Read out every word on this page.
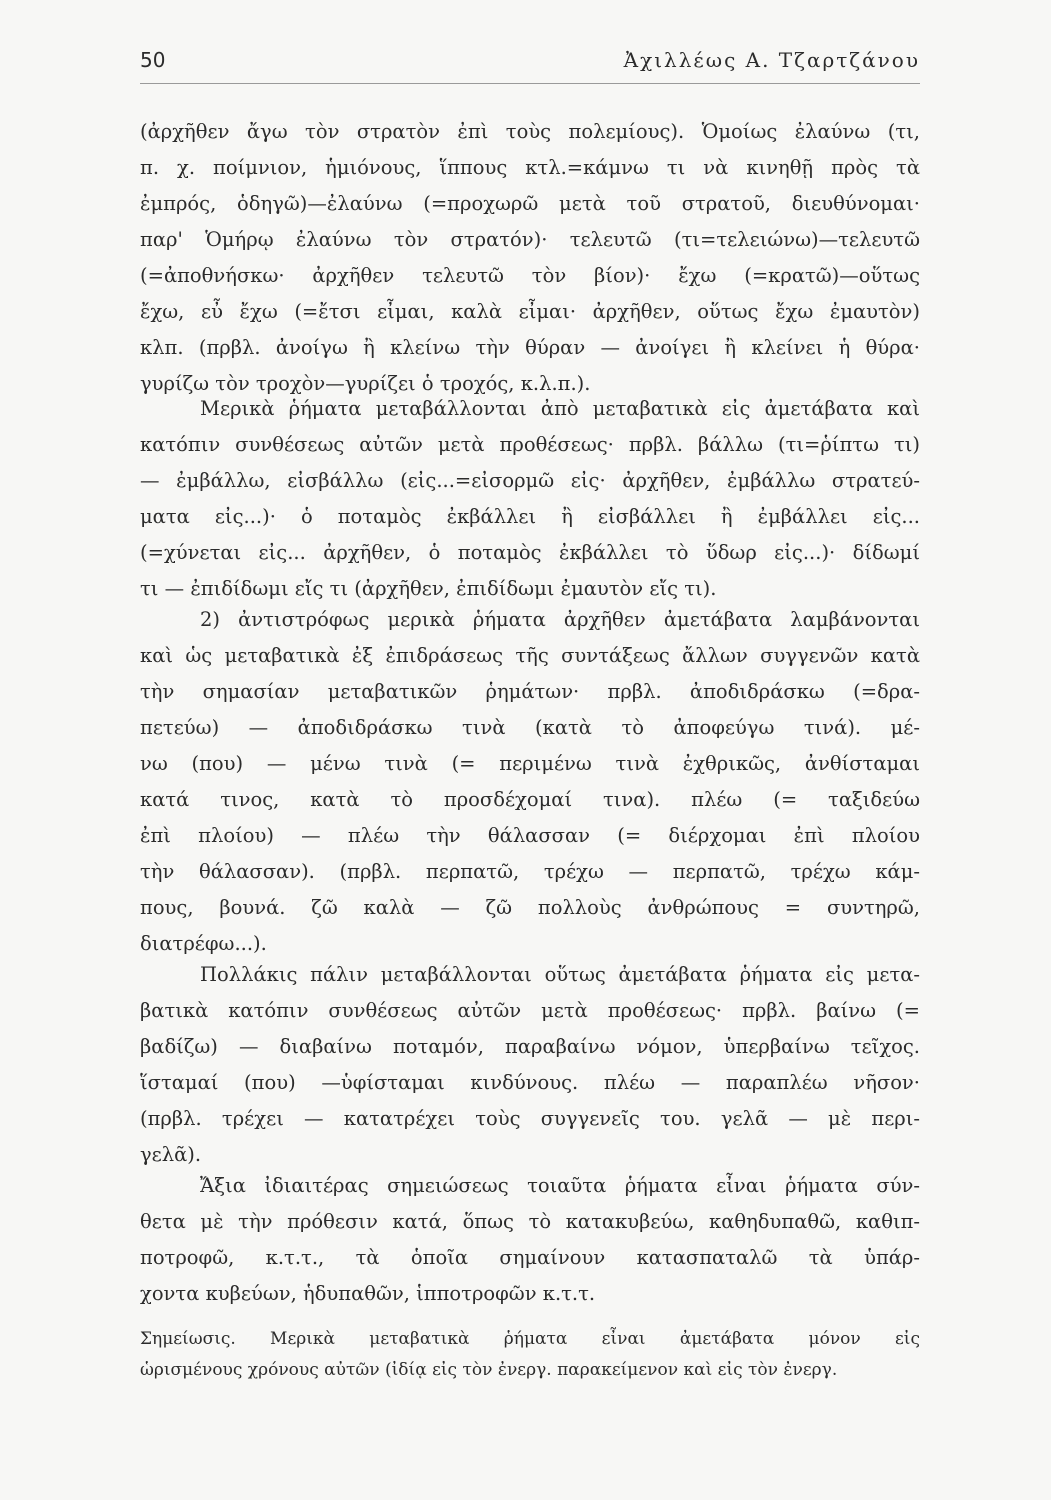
50	Ἀχιλλέως Α. Τζαρτζάνου
(ἀρχῆθεν ἄγω τὸν στρατὸν ἐπὶ τοὺς πολεμίους). Ὁμοίως ἐλαύνω (τι,
π. χ. ποίμνιον, ἡμιόνους, ἵππους κτλ.=κάμνω τι νὰ κινηθῇ πρὸς τὰ
ἐμπρός, ὁδηγῶ)—ἐλαύνω (=προχωρῶ μετὰ τοῦ στρατοῦ, διευθύνομαι·
παρ' Ὁμήρῳ ἐλαύνω τὸν στρατόν)· τελευτῶ (τι=τελειώνω)—τελευτῶ
(=ἀποθνήσκω· ἀρχῆθεν τελευτῶ τὸν βίον)· ἔχω (=κρατῶ)—οὕτως
ἔχω, εὖ ἔχω (=ἔτσι εἶμαι, καλὰ εἶμαι· ἀρχῆθεν, οὕτως ἔχω ἐμαυτὸν)
κλπ. (πρβλ. ἀνοίγω ἢ κλείνω τὴν θύραν — ἀνοίγει ἢ κλείνει ἡ θύρα·
γυρίζω τὸν τροχὸν—γυρίζει ὁ τροχός, κ.λ.π.).
Μερικὰ ῥήματα μεταβάλλονται ἀπὸ μεταβατικὰ εἰς ἀμετάβατα καὶ
κατόπιν συνθέσεως αὐτῶν μετὰ προθέσεως· πρβλ. βάλλω (τι=ῥίπτω τι)
— ἐμβάλλω, εἰσβάλλω (εἰς...=εἰσορμῶ εἰς· ἀρχῆθεν, ἐμβάλλω στρατεύ-
ματα εἰς...)· ὁ ποταμὸς ἐκβάλλει ἢ εἰσβάλλει ἢ ἐμβάλλει εἰς...
(=χύνεται εἰς... ἀρχῆθεν, ὁ ποταμὸς ἐκβάλλει τὸ ὕδωρ εἰς...)· δίδωμί
τι — ἐπιδίδωμι εἴς τι (ἀρχῆθεν, ἐπιδίδωμι ἐμαυτὸν εἴς τι).
2) ἀντιστρόφως μερικὰ ῥήματα ἀρχῆθεν ἀμετάβατα λαμβάνονται
καὶ ὡς μεταβατικὰ ἐξ ἐπιδράσεως τῆς συντάξεως ἄλλων συγγενῶν κατὰ
τὴν σημασίαν μεταβατικῶν ῥημάτων· πρβλ. ἀποδιδράσκω (=δρα-
πετεύω) — ἀποδιδράσκω τινὰ (κατὰ τὸ ἀποφεύγω τινά). μέ-
νω (που) — μένω τινὰ (= περιμένω τινὰ ἐχθρικῶς, ἀνθίσταμαι
κατά τινος, κατὰ τὸ προσδέχομαί τινα). πλέω (= ταξιδεύω
ἐπὶ πλοίου) — πλέω τὴν θάλασσαν (= διέρχομαι ἐπὶ πλοίου
τὴν θάλασσαν). (πρβλ. περπατῶ, τρέχω — περπατῶ, τρέχω κάμ-
πους, βουνά. ζῶ καλὰ — ζῶ πολλοὺς ἀνθρώπους = συντηρῶ,
διατρέφω...).
Πολλάκις πάλιν μεταβάλλονται οὕτως ἀμετάβατα ῥήματα εἰς μετα-
βατικὰ κατόπιν συνθέσεως αὐτῶν μετὰ προθέσεως· πρβλ. βαίνω (=
βαδίζω) — διαβαίνω ποταμόν, παραβαίνω νόμον, ὑπερβαίνω τεῖχος.
ἵσταμαί (που) —ὑφίσταμαι κινδύνους. πλέω — παραπλέω νῆσον·
(πρβλ. τρέχει — κατατρέχει τοὺς συγγενεῖς του. γελᾶ — μὲ περι-
γελᾶ).
Ἄξια ἰδιαιτέρας σημειώσεως τοιαῦτα ῥήματα εἶναι ῥήματα σύν-
θετα μὲ τὴν πρόθεσιν κατά, ὅπως τὸ κατακυβεύω, καθηδυπαθῶ, καθιπ-
ποτροφῶ, κ.τ.τ., τὰ ὁποῖα σημαίνουν κατασπαταλῶ τὰ ὑπάρ-
χοντα κυβεύων, ἡδυπαθῶν, ἱπποτροφῶν κ.τ.τ.
Σημείωσις. Μερικὰ μεταβατικὰ ῥήματα εἶναι ἀμετάβατα μόνον εἰς
ὡρισμένους χρόνους αὐτῶν (ἰδίᾳ εἰς τὸν ἐνεργ. παρακείμενον καὶ εἰς τὸν ἐνεργ.
